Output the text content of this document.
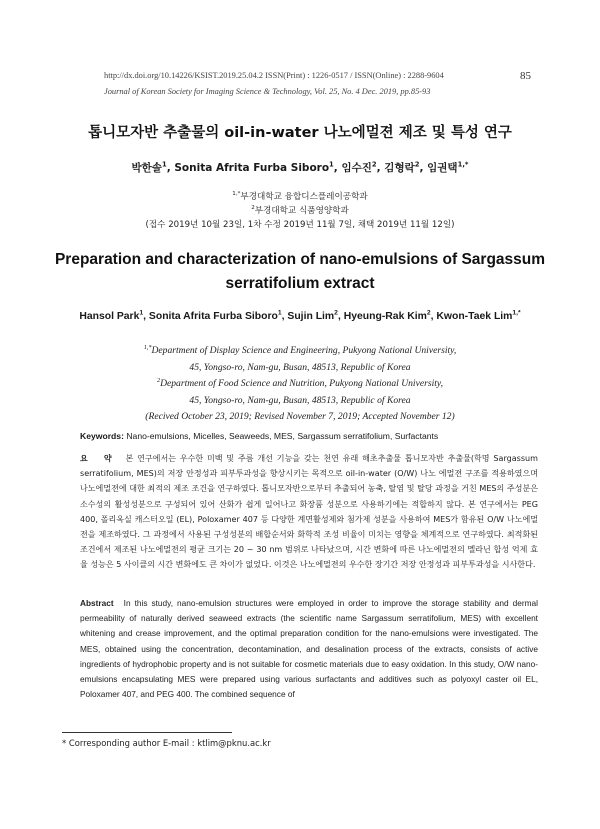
http://dx.doi.org/10.14226/KSIST.2019.25.04.2 ISSN(Print) : 1226-0517 / ISSN(Online) : 2288-9604	85
Journal of Korean Society for Imaging Science & Technology, Vol. 25, No. 4 Dec. 2019, pp.85-93
톱니모자반 추출물의 oil-in-water 나노에멀젼 제조 및 특성 연구
박한솔$^1$, Sonita Afrita Furba Siboro$^1$, 임수진$^2$, 김형락$^2$, 임권택$^{1,*}$
$^{1,*}$부경대학교 융합디스플레이공학과
$^2$부경대학교 식품영양학과
(접수 2019년 10월 23일, 1차 수정 2019년 11월 7일, 채택 2019년 11월 12일)
Preparation and characterization of nano-emulsions of Sargassum
serratifolium extract
Hansol Park$^1$, Sonita Afrita Furba Siboro$^1$, Sujin Lim$^2$, Hyeung-Rak Kim$^2$, Kwon-Taek Lim$^{1,*}$
$^{1,*}$Department of Display Science and Engineering, Pukyong National University,
45, Yongso-ro, Nam-gu, Busan, 48513, Republic of Korea
$^2$Department of Food Science and Nutrition, Pukyong National University,
45, Yongso-ro, Nam-gu, Busan, 48513, Republic of Korea
(Recived October 23, 2019; Revised November 7, 2019; Accepted November 12)
Keywords: Nano-emulsions, Micelles, Seaweeds, MES, Sargassum serratifolium, Surfactants
요 약 본 연구에서는 우수한 미백 및 주름 개선 기능을 갖는 천연 유래 해초추출물 톱니모자반 추출물(학명 Sargassum serratifolium, MES)의 저장 안정성과 피부투과성을 향상시키는 목적으로 oil-in-water (O/W) 나노 에멀젼 구조를 적용하였으며 나노에멀젼에 대한 최적의 제조 조건을 연구하였다. 톱니모자반으로부터 추출되어 농축, 탈염 및 탈당 과정을 거친 MES의 주성분은 소수성의 활성성분으로 구성되어 있어 산화가 쉽게 일어나고 화장품 성분으로 사용하기에는 적합하지 않다. 본 연구에서는 PEG 400, 폴리옥실 캐스터오일 (EL), Poloxamer 407 등 다양한 계면활성제와 첨가제 성분을 사용하여 MES가 함유된 O/W 나노에멀젼을 제조하였다. 그 과정에서 사용된 구성성분의 배합순서와 화학적 조성 비율이 미치는 영향을 체계적으로 연구하였다. 최적화된 조건에서 제조된 나노에멀젼의 평균 크기는 20 ~ 30 nm 범위로 나타났으며, 시간 변화에 따른 나노에멀젼의 멜라닌 합성 억제 효율 성능은 5 사이클의 시간 변화에도 큰 차이가 없었다. 이것은 나노에멀젼의 우수한 장기간 저장 안정성과 피부투과성을 시사한다.
Abstract In this study, nano-emulsion structures were employed in order to improve the storage stability and dermal permeability of naturally derived seaweed extracts (the scientific name Sargassum serratifolium, MES) with excellent whitening and crease improvement, and the optimal preparation condition for the nano-emulsions were investigated. The MES, obtained using the concentration, decontamination, and desalination process of the extracts, consists of active ingredients of hydrophobic property and is not suitable for cosmetic materials due to easy oxidation. In this study, O/W nano-emulsions encapsulating MES were prepared using various surfactants and additives such as polyoxyl caster oil EL, Poloxamer 407, and PEG 400. The combined sequence of
* Corresponding author E-mail : ktlim@pknu.ac.kr
